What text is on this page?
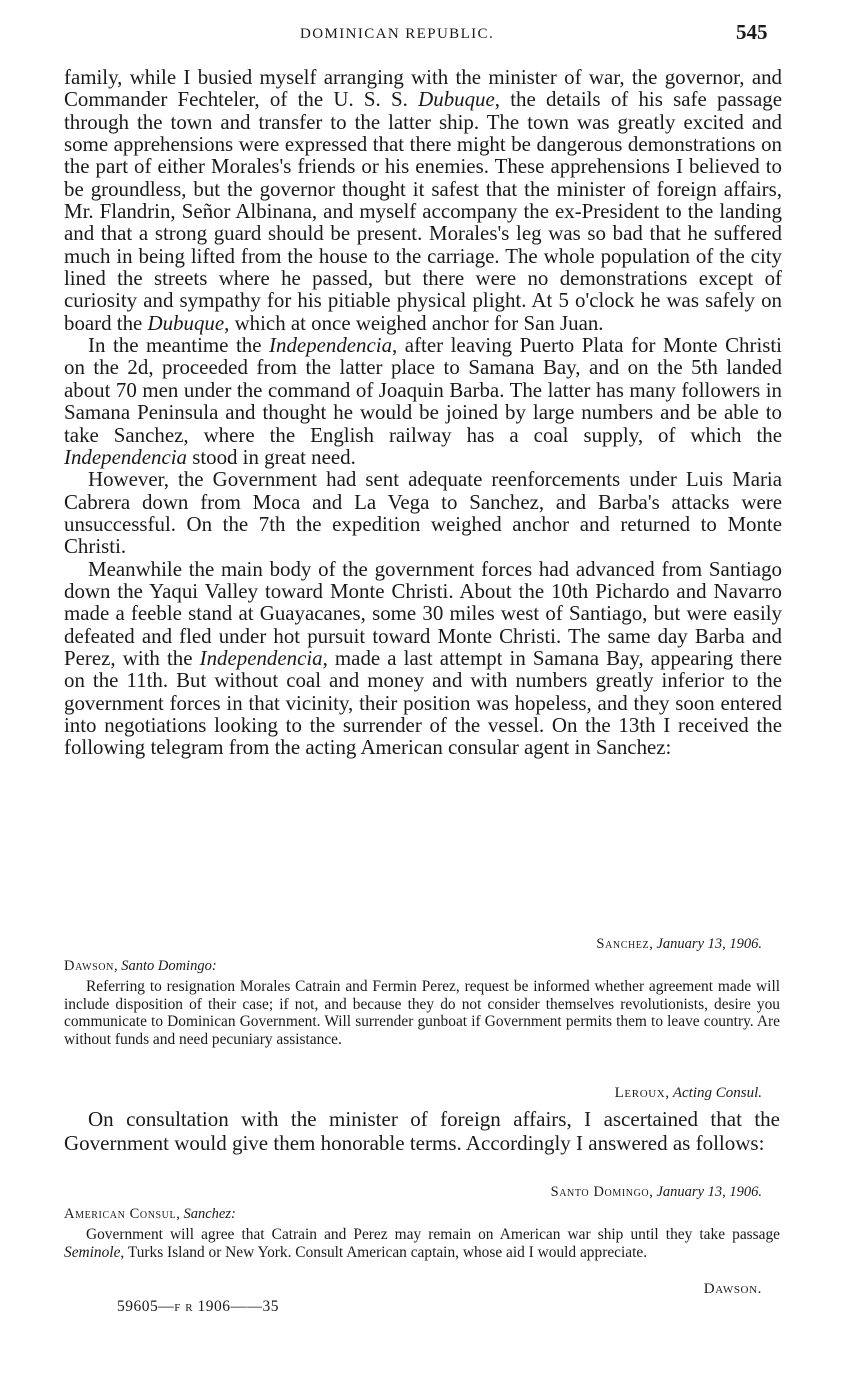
DOMINICAN REPUBLIC.	545

family, while I busied myself arranging with the minister of war, the governor, and Commander Fechteler, of the U. S. S. Dubuque, the details of his safe passage through the town and transfer to the latter ship. The town was greatly excited and some apprehensions were expressed that there might be dangerous demonstrations on the part of either Morales's friends or his enemies. These apprehensions I believed to be groundless, but the governor thought it safest that the minister of foreign affairs, Mr. Flandrin, Señor Albinana, and myself accompany the ex-President to the landing and that a strong guard should be present. Morales's leg was so bad that he suffered much in being lifted from the house to the carriage. The whole population of the city lined the streets where he passed, but there were no demonstrations except of curiosity and sympathy for his pitiable physical plight. At 5 o'clock he was safely on board the Dubuque, which at once weighed anchor for San Juan.

In the meantime the Independencia, after leaving Puerto Plata for Monte Christi on the 2d, proceeded from the latter place to Samana Bay, and on the 5th landed about 70 men under the command of Joaquin Barba. The latter has many followers in Samana Peninsula and thought he would be joined by large numbers and be able to take Sanchez, where the English railway has a coal supply, of which the Independencia stood in great need.

However, the Government had sent adequate reenforcements under Luis Maria Cabrera down from Moca and La Vega to Sanchez, and Barba's attacks were unsuccessful. On the 7th the expedition weighed anchor and returned to Monte Christi.

Meanwhile the main body of the government forces had advanced from Santiago down the Yaqui Valley toward Monte Christi. About the 10th Pichardo and Navarro made a feeble stand at Guayacanes, some 30 miles west of Santiago, but were easily defeated and fled under hot pursuit toward Monte Christi. The same day Barba and Perez, with the Independencia, made a last attempt in Samana Bay, appearing there on the 11th. But without coal and money and with numbers greatly inferior to the government forces in that vicinity, their position was hopeless, and they soon entered into negotiations looking to the surrender of the vessel. On the 13th I received the following telegram from the acting American consular agent in Sanchez:

Sanchez, January 13, 1906.
Dawson, Santo Domingo:

Referring to resignation Morales Catrain and Fermin Perez, request be informed whether agreement made will include disposition of their case; if not, and because they do not consider themselves revolutionists, desire you communicate to Dominican Government. Will surrender gunboat if Government permits them to leave country. Are without funds and need pecuniary assistance.

Leroux, Acting Consul.

On consultation with the minister of foreign affairs, I ascertained that the Government would give them honorable terms. Accordingly I answered as follows:

Santo Domingo, January 13, 1906.
American Consul, Sanchez:

Government will agree that Catrain and Perez may remain on American war ship until they take passage Seminole, Turks Island or New York. Consult American captain, whose aid I would appreciate.

Dawson.
59605—f r 1906——35
